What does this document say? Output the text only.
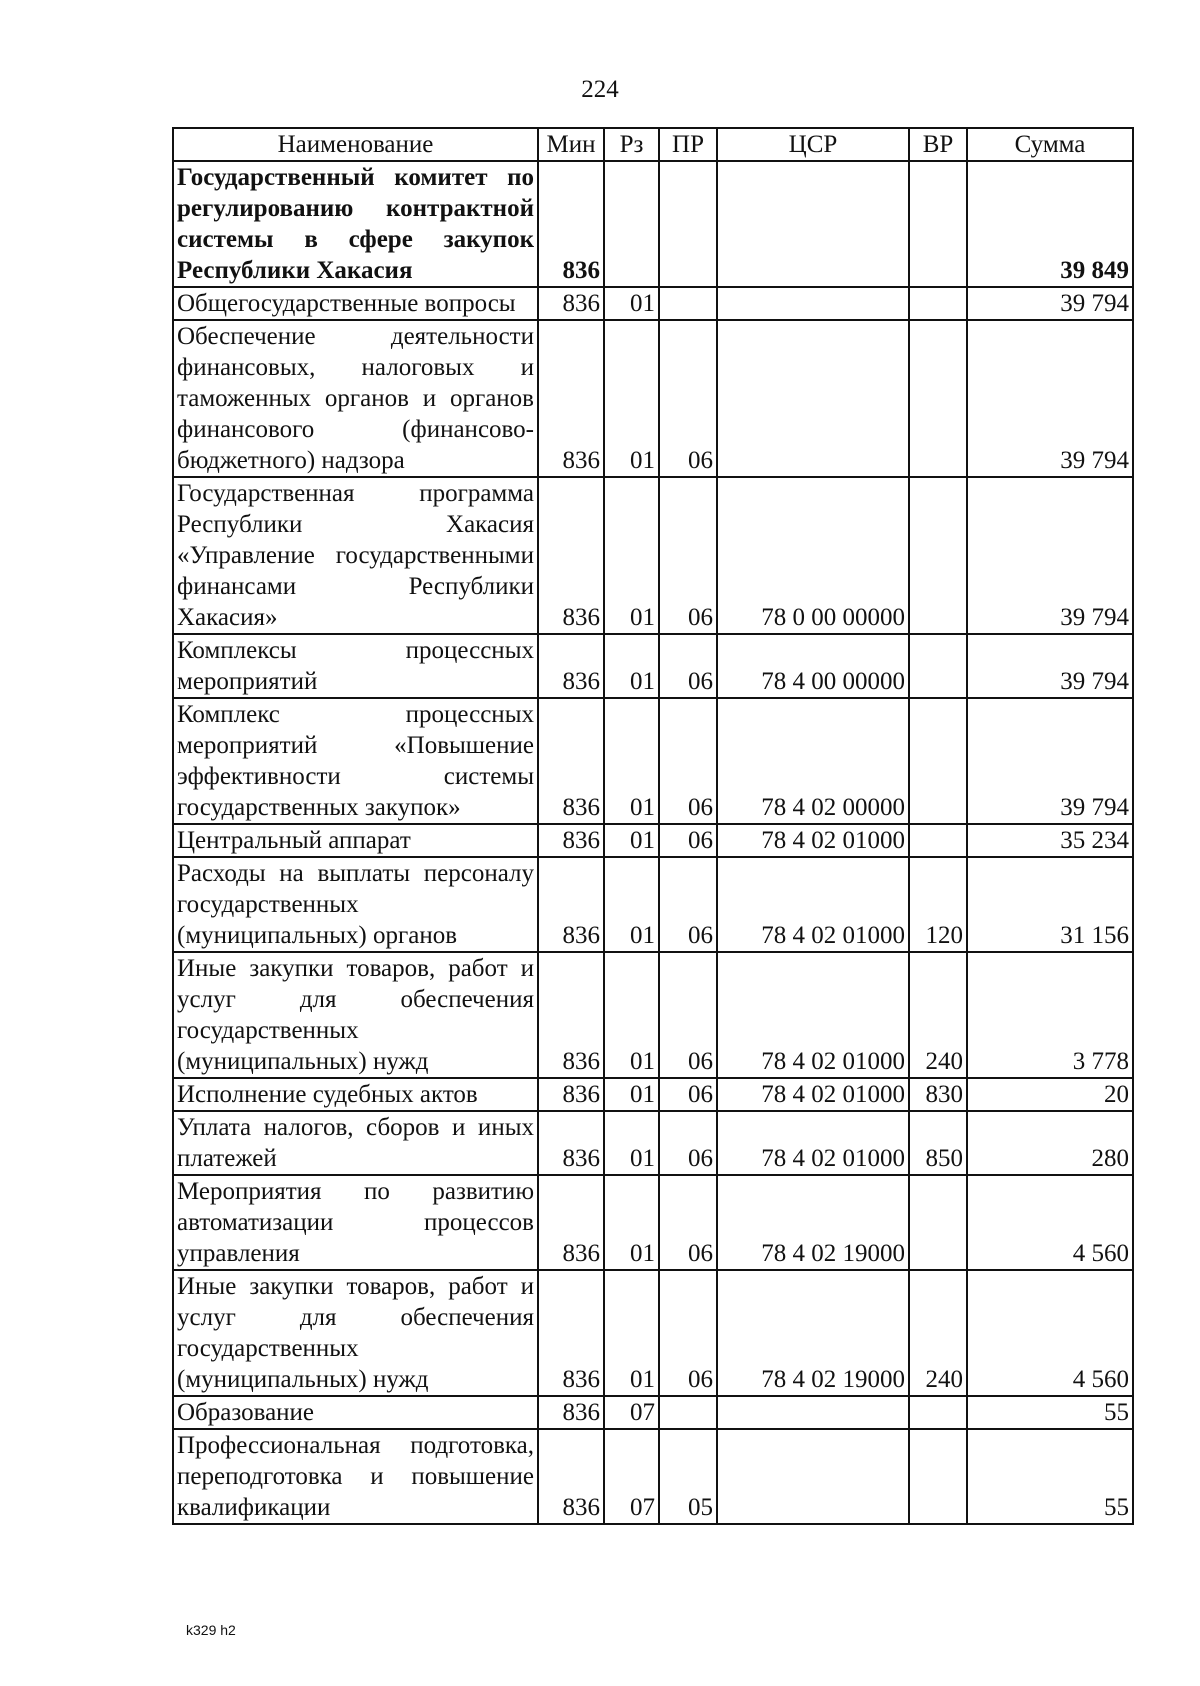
224
Наименование	Мин	Рз	ПР	ЦСР	ВР	Сумма
Государственный комитет по регулированию контрактной системы в сфере закупок Республики Хакасия	836					39 849
Общегосударственные вопросы	836	01				39 794
Обеспечение деятельности финансовых, налоговых и таможенных органов и органов финансового (финансово-бюджетного) надзора	836	01	06			39 794
Государственная программа Республики Хакасия «Управление государственными финансами Республики Хакасия»	836	01	06	78 0 00 00000		39 794
Комплексы процессных мероприятий	836	01	06	78 4 00 00000		39 794
Комплекс процессных мероприятий «Повышение эффективности системы государственных закупок»	836	01	06	78 4 02 00000		39 794
Центральный аппарат	836	01	06	78 4 02 01000		35 234
Расходы на выплаты персоналу государственных (муниципальных) органов	836	01	06	78 4 02 01000	120	31 156
Иные закупки товаров, работ и услуг для обеспечения государственных (муниципальных) нужд	836	01	06	78 4 02 01000	240	3 778
Исполнение судебных актов	836	01	06	78 4 02 01000	830	20
Уплата налогов, сборов и иных платежей	836	01	06	78 4 02 01000	850	280
Мероприятия по развитию автоматизации процессов управления	836	01	06	78 4 02 19000		4 560
Иные закупки товаров, работ и услуг для обеспечения государственных (муниципальных) нужд	836	01	06	78 4 02 19000	240	4 560
Образование	836	07				55
Профессиональная подготовка, переподготовка и повышение квалификации	836	07	05			55
k329 h2
